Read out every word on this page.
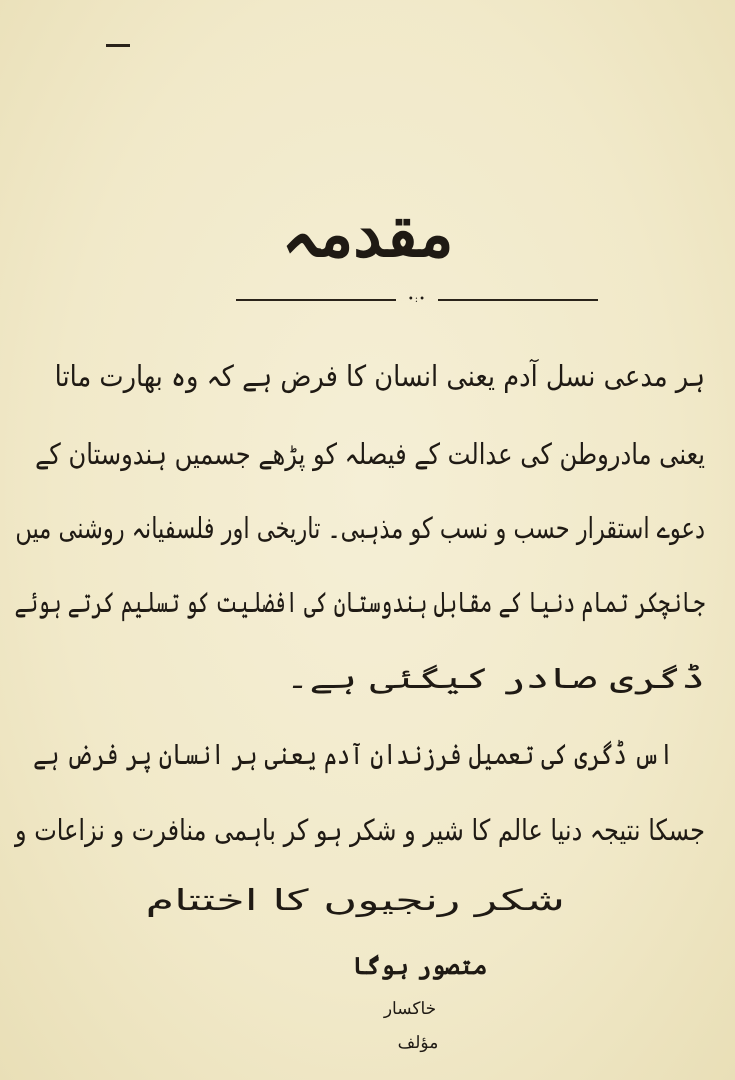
مقدمہ
•:•
ہر مدعی نسل آدم یعنی انسان کا فرض ہے کہ وہ بھارت ماتا
یعنی مادروطن کی عدالت کے فیصلہ کو پڑھے جسمیں ہندوستان کے
دعوے استقرار حسب و نسب کو مذہبی۔ تاریخی اور فلسفیانہ روشنی میں
جانچکر تمام دنیا کے مقابل ہندوستان کی افضلیت کو تسلیم کرتے ہوئے
ڈگری صادر کیگئی ہے۔
اس ڈگری کی تعمیل فرزندان آدم یعنی ہر انسان پر فرض ہے
جسکا نتیجہ دنیا عالم کا شیر و شکر ہو کر باہمی منافرت و نزاعات و
شکر رنجیوں کا اختتام
متصور ہوگا
خاکسار
مؤلف
